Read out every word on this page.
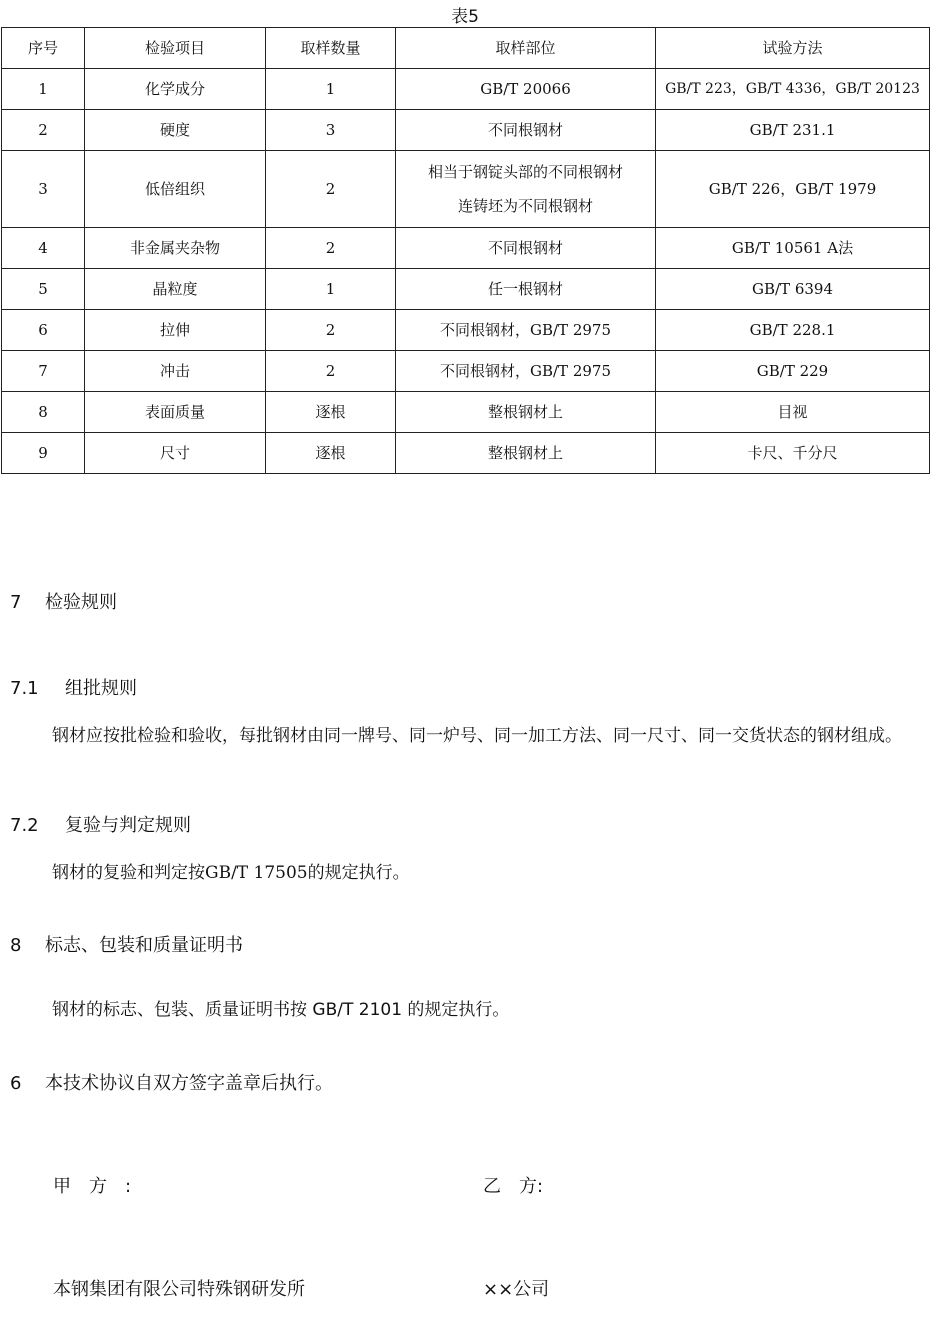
表5
序号	检验项目	取样数量	取样部位	试验方法
1	化学成分	1	GB/T 20066	GB/T 223，GB/T 4336，GB/T 20123
2	硬度	3	不同根钢材	GB/T 231.1
3	低倍组织	2	相当于钢锭头部的不同根钢材
连铸坯为不同根钢材	GB/T 226，GB/T 1979
4	非金属夹杂物	2	不同根钢材	GB/T 10561 A法
5	晶粒度	1	任一根钢材	GB/T 6394
6	拉伸	2	不同根钢材，GB/T 2975	GB/T 228.1
7	冲击	2	不同根钢材，GB/T 2975	GB/T 229
8	表面质量	逐根	整根钢材上	目视
9	尺寸	逐根	整根钢材上	卡尺、千分尺
7 检验规则
7.1 组批规则
钢材应按批检验和验收，每批钢材由同一牌号、同一炉号、同一加工方法、同一尺寸、同一交货状态的钢材组成。
7.2 复验与判定规则
钢材的复验和判定按GB/T 17505的规定执行。
8 标志、包装和质量证明书
钢材的标志、包装、质量证明书按 GB/T 2101 的规定执行。
6 本技术协议自双方签字盖章后执行。
甲　方　:	乙　方:
本钢集团有限公司特殊钢研发所	××公司
